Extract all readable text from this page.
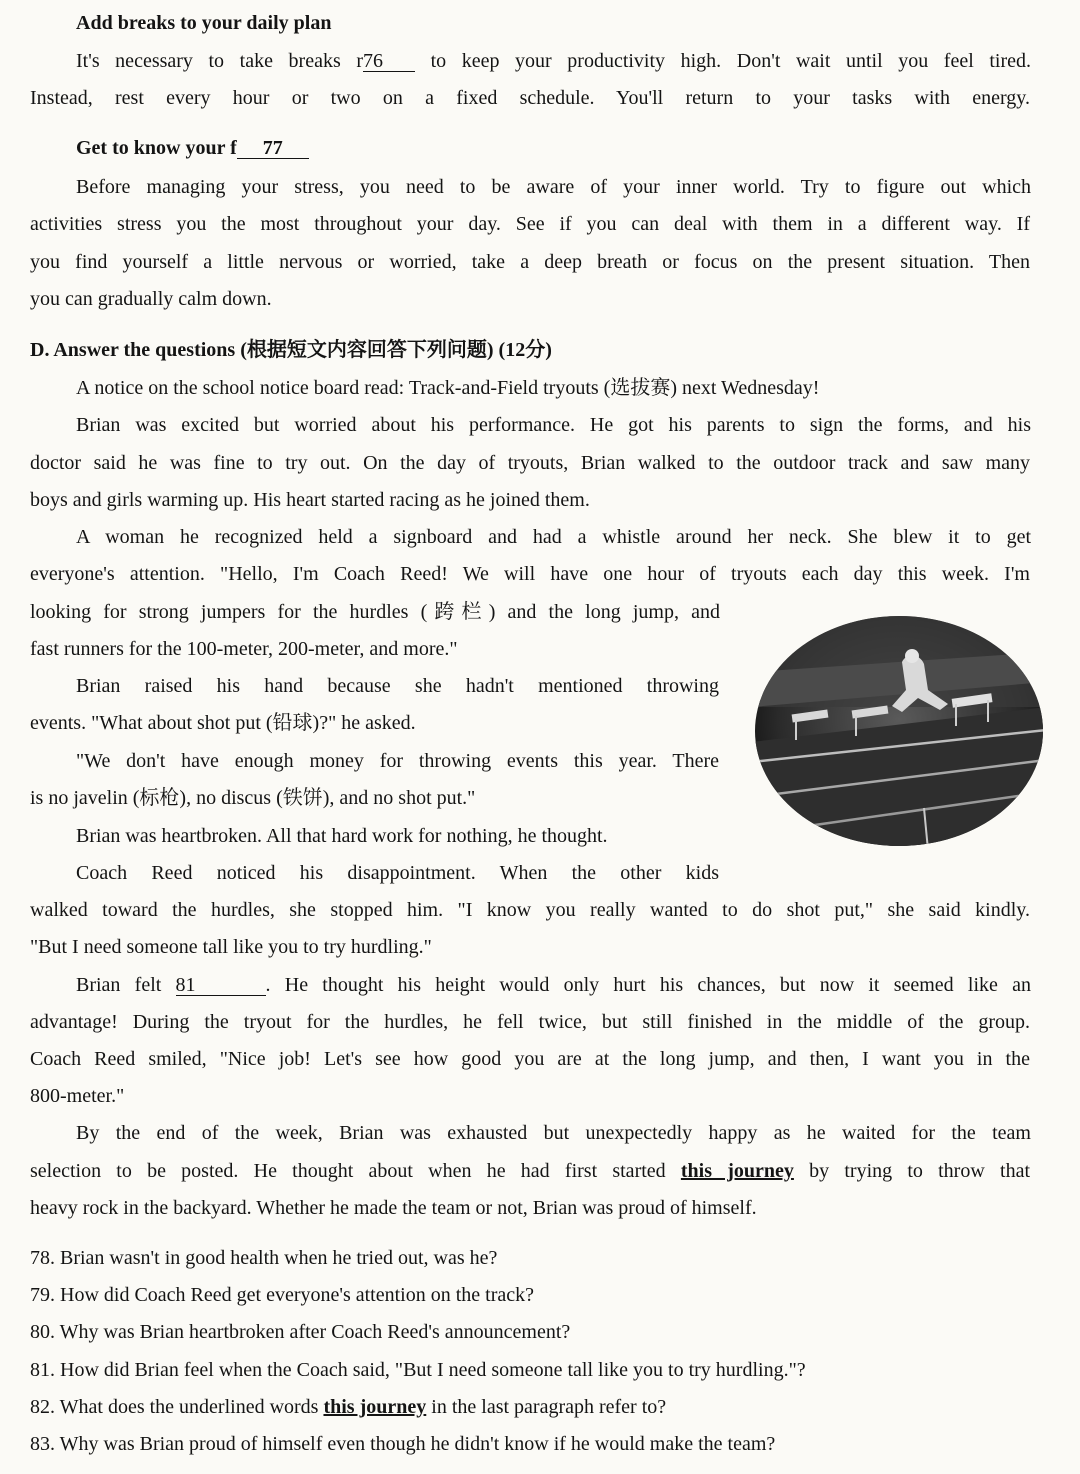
Add breaks to your daily plan
It's necessary to take breaks r76 to keep your productivity high. Don't wait until you feel tired.
Instead, rest every hour or two on a fixed schedule. You'll return to your tasks with energy.
Get to know your f 77
Before managing your stress, you need to be aware of your inner world. Try to figure out which
activities stress you the most throughout your day. See if you can deal with them in a different way. If
you find yourself a little nervous or worried, take a deep breath or focus on the present situation. Then
you can gradually calm down.
D. Answer the questions (根据短文内容回答下列问题) (12分)
A notice on the school notice board read: Track-and-Field tryouts (选拔赛) next Wednesday!
Brian was excited but worried about his performance. He got his parents to sign the forms, and his
doctor said he was fine to try out. On the day of tryouts, Brian walked to the outdoor track and saw many
boys and girls warming up. His heart started racing as he joined them.
A woman he recognized held a signboard and had a whistle around her neck. She blew it to get
everyone's attention. "Hello, I'm Coach Reed! We will have one hour of tryouts each day this week. I'm
looking for strong jumpers for the hurdles (跨栏) and the long jump, and
fast runners for the 100-meter, 200-meter, and more."
Brian raised his hand because she hadn't mentioned throwing
events. "What about shot put (铅球)?" he asked.
"We don't have enough money for throwing events this year. There
is no javelin (标枪), no discus (铁饼), and no shot put."
Brian was heartbroken. All that hard work for nothing, he thought.
Coach Reed noticed his disappointment. When the other kids
walked toward the hurdles, she stopped him. "I know you really wanted to do shot put," she said kindly.
"But I need someone tall like you to try hurdling."
Brian felt 81	. He thought his height would only hurt his chances, but now it seemed like an
advantage! During the tryout for the hurdles, he fell twice, but still finished in the middle of the group.
Coach Reed smiled, "Nice job! Let's see how good you are at the long jump, and then, I want you in the
800-meter."
By the end of the week, Brian was exhausted but unexpectedly happy as he waited for the team
selection to be posted. He thought about when he had first started this journey by trying to throw that
heavy rock in the backyard. Whether he made the team or not, Brian was proud of himself.
78. Brian wasn't in good health when he tried out, was he?
79. How did Coach Reed get everyone's attention on the track?
80. Why was Brian heartbroken after Coach Reed's announcement?
81. How did Brian feel when the Coach said, "But I need someone tall like you to try hurdling."?
82. What does the underlined words this journey in the last paragraph refer to?
83. Why was Brian proud of himself even though he didn't know if he would make the team?
